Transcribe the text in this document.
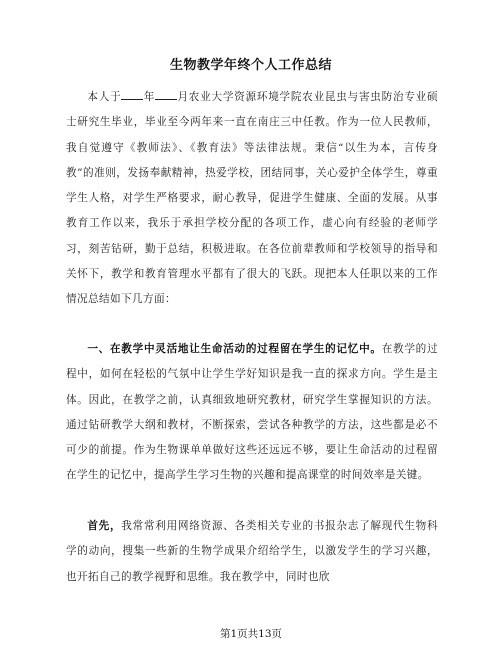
生物教学年终个人工作总结
本人于 年 月农业大学资源环境学院农业昆虫与害虫防治专业硕士研究生毕业，毕业至今两年来一直在南庄三中任教。作为一位人民教师，我自觉遵守《教师法》、《教育法》等法律法规。秉信“以生为本，言传身教”的准则，发扬奉献精神，热爱学校，团结同事，关心爱护全体学生，尊重学生人格，对学生严格要求，耐心教导，促进学生健康、全面的发展。从事教育工作以来，我乐于承担学校分配的各项工作，虚心向有经验的老师学习，刻苦钻研，勤于总结，积极进取。在各位前辈教师和学校领导的指导和关怀下，教学和教育管理水平都有了很大的飞跃。现把本人任职以来的工作情况总结如下几方面：
一、在教学中灵活地让生命活动的过程留在学生的记忆中。在教学的过程中，如何在轻松的气氛中让学生学好知识是我一直的探求方向。学生是主体。因此，在教学之前，认真细致地研究教材，研究学生掌握知识的方法。通过钻研教学大纲和教材，不断探索，尝试各种教学的方法，这些都是必不可少的前提。作为生物课单单做好这些还远远不够，要让生命活动的过程留在学生的记忆中，提高学生学习生物的兴趣和提高课堂的时间效率是关键。
首先，我常常利用网络资源、各类相关专业的书报杂志了解现代生物科学的动向，搜集一些新的生物学成果介绍给学生，以激发学生的学习兴趣，也开拓自己的教学视野和思维。我在教学中，同时也欣
第1页共13页
